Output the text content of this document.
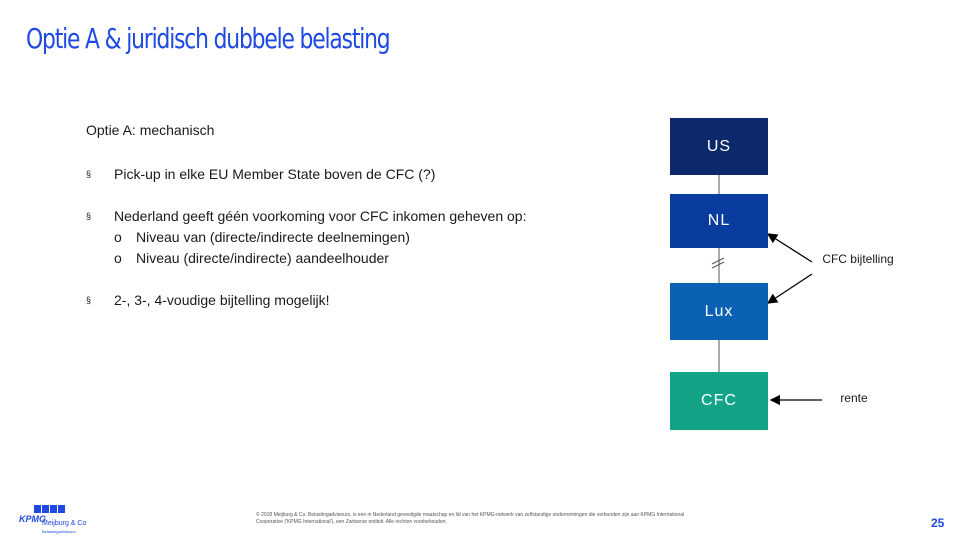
Optie A & juridisch dubbele belasting
Optie A: mechanisch
§ Pick-up in elke EU Member State boven de CFC (?)
§ Nederland geeft géén voorkoming voor CFC inkomen geheven op:
o Niveau van (directe/indirecte deelnemingen)
o Niveau (directe/indirecte) aandeelhouder
§ 2-, 3-, 4-voudige bijtelling mogelijk!
US
NL
Lux
CFC
CFC bijtelling
rente
KPMG
Meijburg & Co
Belastingadviseurs
© 2018 Meijburg & Co, Belastingadviseurs, is een in Nederland gevestigde maatschap en lid van het KPMG-netwerk van zelfstandige ondernemingen die verbonden zijn aan KPMG International Cooperative ('KPMG International'), een Zwitserse entiteit. Alle rechten voorbehouden.	25
